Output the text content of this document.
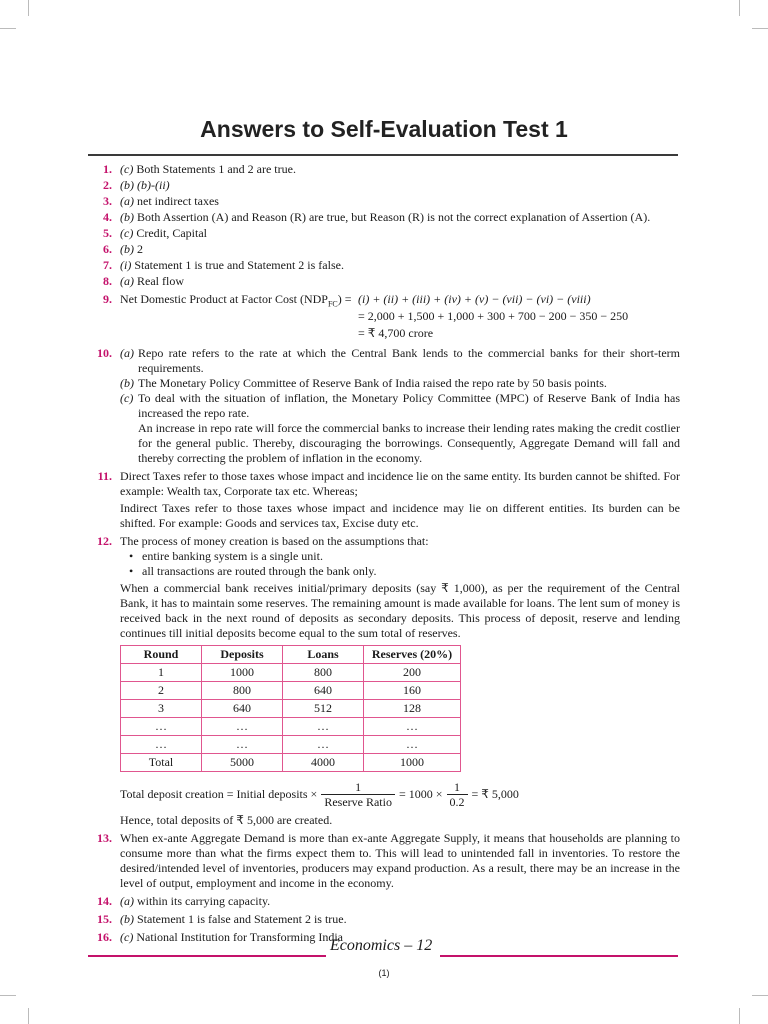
Answers to Self-Evaluation Test 1
1. (c) Both Statements 1 and 2 are true.
2. (b) (b)-(ii)
3. (a) net indirect taxes
4. (b) Both Assertion (A) and Reason (R) are true, but Reason (R) is not the correct explanation of Assertion (A).
5. (c) Credit, Capital
6. (b) 2
7. (i) Statement 1 is true and Statement 2 is false.
8. (a) Real flow
9. Net Domestic Product at Factor Cost $(NDP_{FC}) = (i) + (ii) + (iii) + (iv) + (v) - (vii) - (vi)$ − (viii)
= 2,000 + 1,500 + 1,000 + 300 + 700 − 200 − 350 − 250
= ₹ 4,700 crore
10. (a) Repo rate refers to the rate at which the Central Bank lends to the commercial banks for their short-term requirements.
(b) The Monetary Policy Committee of Reserve Bank of India raised the repo rate by 50 basis points.
(c) To deal with the situation of inflation, the Monetary Policy Committee (MPC) of Reserve Bank of India has increased the repo rate.
An increase in repo rate will force the commercial banks to increase their lending rates making the credit costlier for the general public. Thereby, discouraging the borrowings. Consequently, Aggregate Demand will fall and thereby correcting the problem of inflation in the economy.
11. Direct Taxes refer to those taxes whose impact and incidence lie on the same entity. Its burden cannot be shifted. For example: Wealth tax, Corporate tax etc. Whereas;
Indirect Taxes refer to those taxes whose impact and incidence may lie on different entities. Its burden can be shifted. For example: Goods and services tax, Excise duty etc.
12. The process of money creation is based on the assumptions that:
• entire banking system is a single unit.
• all transactions are routed through the bank only.
When a commercial bank receives initial/primary deposits (say ₹ 1,000), as per the requirement of the Central Bank, it has to maintain some reserves. The remaining amount is made available for loans. The lent sum of money is received back in the next round of deposits as secondary deposits. This process of deposit, reserve and lending continues till initial deposits become equal to the sum total of reserves.
Round	Deposits	Loans	Reserves (20%)
1	1000	800	200
2	800	640	160
3	640	512	128
…	…	…	…
…	…	…	…
Total	5000	4000	1000
Total deposit creation = Initial deposits × $\frac{1}{\text{Reserve Ratio}} = 1000 \times \frac{1}{0.2}$ = ₹ 5,000
Hence, total deposits of ₹ 5,000 are created.
13. When ex-ante Aggregate Demand is more than ex-ante Aggregate Supply, it means that households are planning to consume more than what the firms expect them to. This will lead to unintended fall in inventories. To restore the desired/intended level of inventories, producers may expand production. As a result, there may be an increase in the level of output, employment and income in the economy.
14. (a) within its carrying capacity.
15. (b) Statement 1 is false and Statement 2 is true.
16. (c) National Institution for Transforming India
Economics – 12
(1)
